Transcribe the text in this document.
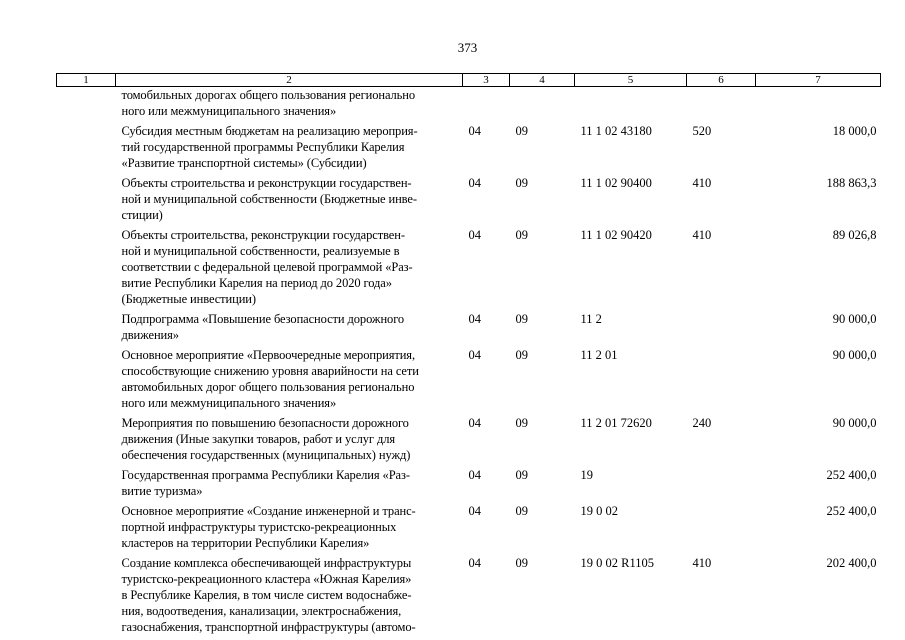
373
1	2	3	4	5	6	7

	томобильных дорогах общего пользования регионально
ного или межмуниципального значения»					

	Субсидия местным бюджетам на реализацию мероприя-
тий государственной программы Республики Карелия
«Развитие транспортной системы» (Субсидии)	04	09	11 1 02 43180	520	18 000,0

	Объекты строительства и реконструкции государствен-
ной и муниципальной собственности (Бюджетные инве-
стиции)	04	09	11 1 02 90400	410	188 863,3

	Объекты строительства, реконструкции государствен-
ной и муниципальной собственности, реализуемые в
соответствии с федеральной целевой программой «Раз-
витие Республики Карелия на период до 2020 года»
(Бюджетные инвестиции)	04	09	11 1 02 90420	410	89 026,8

	Подпрограмма «Повышение безопасности дорожного
движения»	04	09	11 2		90 000,0

	Основное мероприятие «Первоочередные мероприятия,
способствующие снижению уровня аварийности на сети
автомобильных дорог общего пользования регионально
ного или межмуниципального значения»	04	09	11 2 01		90 000,0

	Мероприятия по повышению безопасности дорожного
движения (Иные закупки товаров, работ и услуг для
обеспечения государственных (муниципальных) нужд)	04	09	11 2 01 72620	240	90 000,0

	Государственная программа Республики Карелия «Раз-
витие туризма»	04	09	19		252 400,0

	Основное мероприятие «Создание инженерной и транс-
портной инфраструктуры туристско-рекреационных
кластеров на территории Республики Карелия»	04	09	19 0 02		252 400,0

	Создание комплекса обеспечивающей инфраструктуры
туристско-рекреационного кластера «Южная Карелия»
в Республике Карелия, в том числе систем водоснабже-
ния, водоотведения, канализации, электроснабжения,
газоснабжения, транспортной инфраструктуры (автомо-	04	09	19 0 02 R1105	410	202 400,0
